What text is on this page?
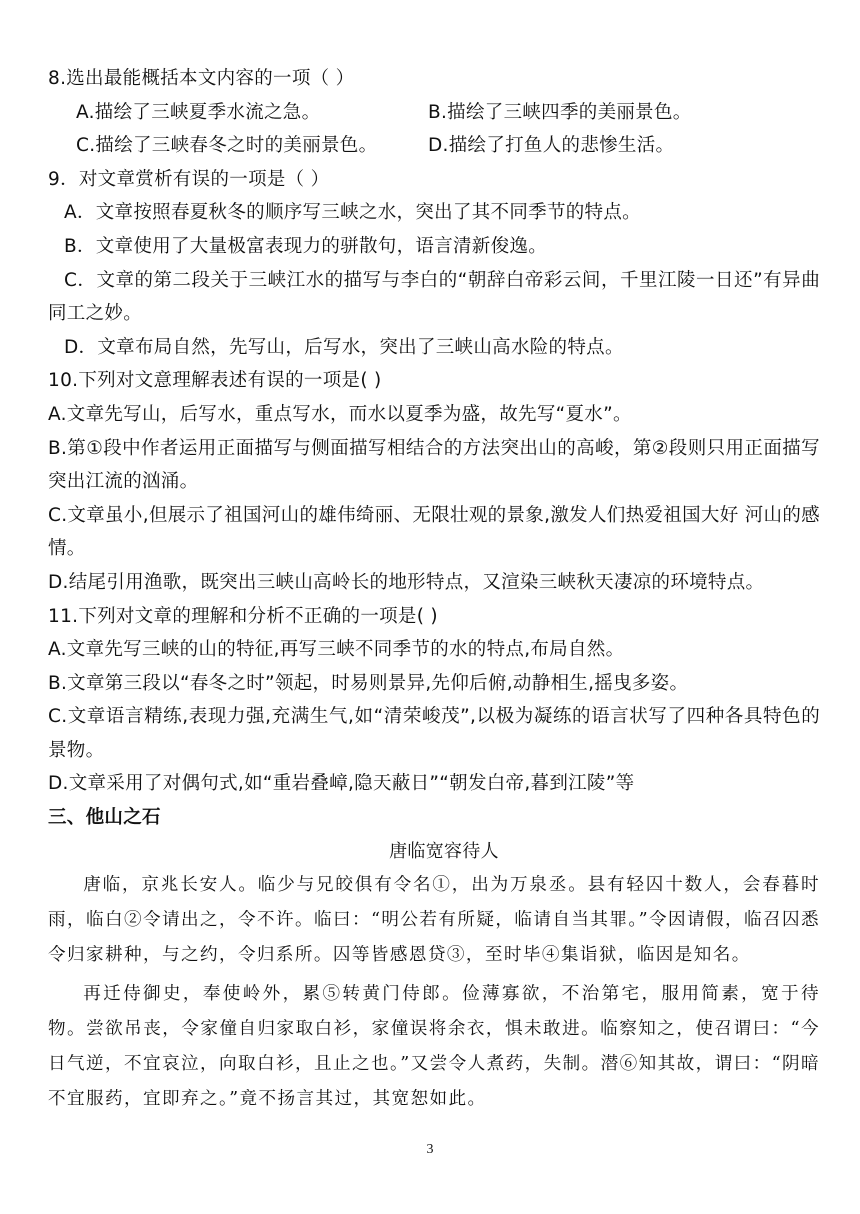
8.选出最能概括本文内容的一项（ ）
A.描绘了三峡夏季水流之急。	B.描绘了三峡四季的美丽景色。
C.描绘了三峡春冬之时的美丽景色。	D.描绘了打鱼人的悲惨生活。
9．对文章赏析有误的一项是（ ）
A．文章按照春夏秋冬的顺序写三峡之水，突出了其不同季节的特点。
B．文章使用了大量极富表现力的骈散句，语言清新俊逸。
C．文章的第二段关于三峡江水的描写与李白的“朝辞白帝彩云间，千里江陵一日还”有异曲同工之妙。
D．文章布局自然，先写山，后写水，突出了三峡山高水险的特点。
10.下列对文意理解表述有误的一项是( )
A.文章先写山，后写水，重点写水，而水以夏季为盛，故先写“夏水”。
B.第①段中作者运用正面描写与侧面描写相结合的方法突出山的高峻，第②段则只用正面描写突出江流的汹涌。
C.文章虽小,但展示了祖国河山的雄伟绮丽、无限壮观的景象,激发人们热爱祖国大好 河山的感情。
D.结尾引用渔歌，既突出三峡山高岭长的地形特点，又渲染三峡秋天凄凉的环境特点。
11.下列对文章的理解和分析不正确的一项是( )
A.文章先写三峡的山的特征,再写三峡不同季节的水的特点,布局自然。
B.文章第三段以“春冬之时”领起，时易则景异,先仰后俯,动静相生,摇曳多姿。
C.文章语言精练,表现力强,充满生气,如“清荣峻茂”,以极为凝练的语言状写了四种各具特色的景物。
D.文章采用了对偶句式,如“重岩叠嶂,隐天蔽日”“朝发白帝,暮到江陵”等
三、他山之石
唐临宽容待人
唐临，京兆长安人。临少与兄皎俱有令名①，出为万泉丞。县有轻囚十数人，会春暮时雨，临白②令请出之，令不许。临曰：“明公若有所疑，临请自当其罪。”令因请假，临召囚悉令归家耕种，与之约，令归系所。囚等皆感恩贷③，至时毕④集诣狱，临因是知名。
再迁侍御史，奉使岭外，累⑤转黄门侍郎。俭薄寡欲，不治第宅，服用简素，宽于待物。尝欲吊丧，令家僮自归家取白衫，家僮误将余衣，惧未敢进。临察知之，使召谓曰：“今日气逆，不宜哀泣，向取白衫，且止之也。”又尝令人煮药，失制。潜⑥知其故，谓曰：“阴暗不宜服药，宜即弃之。”竟不扬言其过，其宽恕如此。
3
